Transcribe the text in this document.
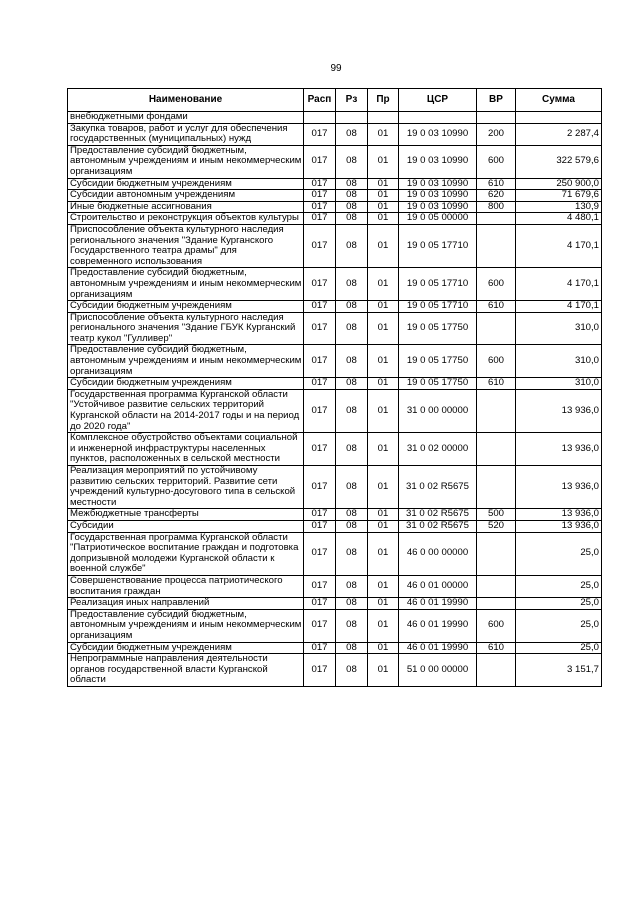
99
Наименование	Расп	Рз	Пр	ЦСР	ВР	Сумма
внебюджетными фондами						
Закупка товаров, работ и услуг для обеспечения государственных (муниципальных) нужд	017	08	01	19 0 03 10990	200	2 287,4
Предоставление субсидий бюджетным, автономным учреждениям и иным некоммерческим организациям	017	08	01	19 0 03 10990	600	322 579,6
Субсидии бюджетным учреждениям	017	08	01	19 0 03 10990	610	250 900,0
Субсидии автономным учреждениям	017	08	01	19 0 03 10990	620	71 679,6
Иные бюджетные ассигнования	017	08	01	19 0 03 10990	800	130,9
Строительство и реконструкция объектов культуры	017	08	01	19 0 05 00000		4 480,1
Приспособление объекта культурного наследия регионального значения "Здание Курганского Государственного театра драмы" для современного использования	017	08	01	19 0 05 17710		4 170,1
Предоставление субсидий бюджетным, автономным учреждениям и иным некоммерческим организациям	017	08	01	19 0 05 17710	600	4 170,1
Субсидии бюджетным учреждениям	017	08	01	19 0 05 17710	610	4 170,1
Приспособление объекта культурного наследия регионального значения "Здание ГБУК Курганский театр кукол "Гулливер"	017	08	01	19 0 05 17750		310,0
Предоставление субсидий бюджетным, автономным учреждениям и иным некоммерческим организациям	017	08	01	19 0 05 17750	600	310,0
Субсидии бюджетным учреждениям	017	08	01	19 0 05 17750	610	310,0
Государственная программа Курганской области "Устойчивое развитие сельских территорий Курганской области на 2014-2017 годы и на период до 2020 года"	017	08	01	31 0 00 00000		13 936,0
Комплексное обустройство объектами социальной и инженерной инфраструктуры населенных пунктов, расположенных в сельской местности	017	08	01	31 0 02 00000		13 936,0
Реализация мероприятий по устойчивому развитию сельских территорий. Развитие сети учреждений культурно-досугового типа в сельской местности	017	08	01	31 0 02 R5675		13 936,0
Межбюджетные трансферты	017	08	01	31 0 02 R5675	500	13 936,0
Субсидии	017	08	01	31 0 02 R5675	520	13 936,0
Государственная программа Курганской области "Патриотическое воспитание граждан и подготовка допризывной молодежи Курганской области к военной службе"	017	08	01	46 0 00 00000		25,0
Совершенствование процесса патриотического воспитания граждан	017	08	01	46 0 01 00000		25,0
Реализация иных направлений	017	08	01	46 0 01 19990		25,0
Предоставление субсидий бюджетным, автономным учреждениям и иным некоммерческим организациям	017	08	01	46 0 01 19990	600	25,0
Субсидии бюджетным учреждениям	017	08	01	46 0 01 19990	610	25,0
Непрограммные направления деятельности органов государственной власти Курганской области	017	08	01	51 0 00 00000		3 151,7
